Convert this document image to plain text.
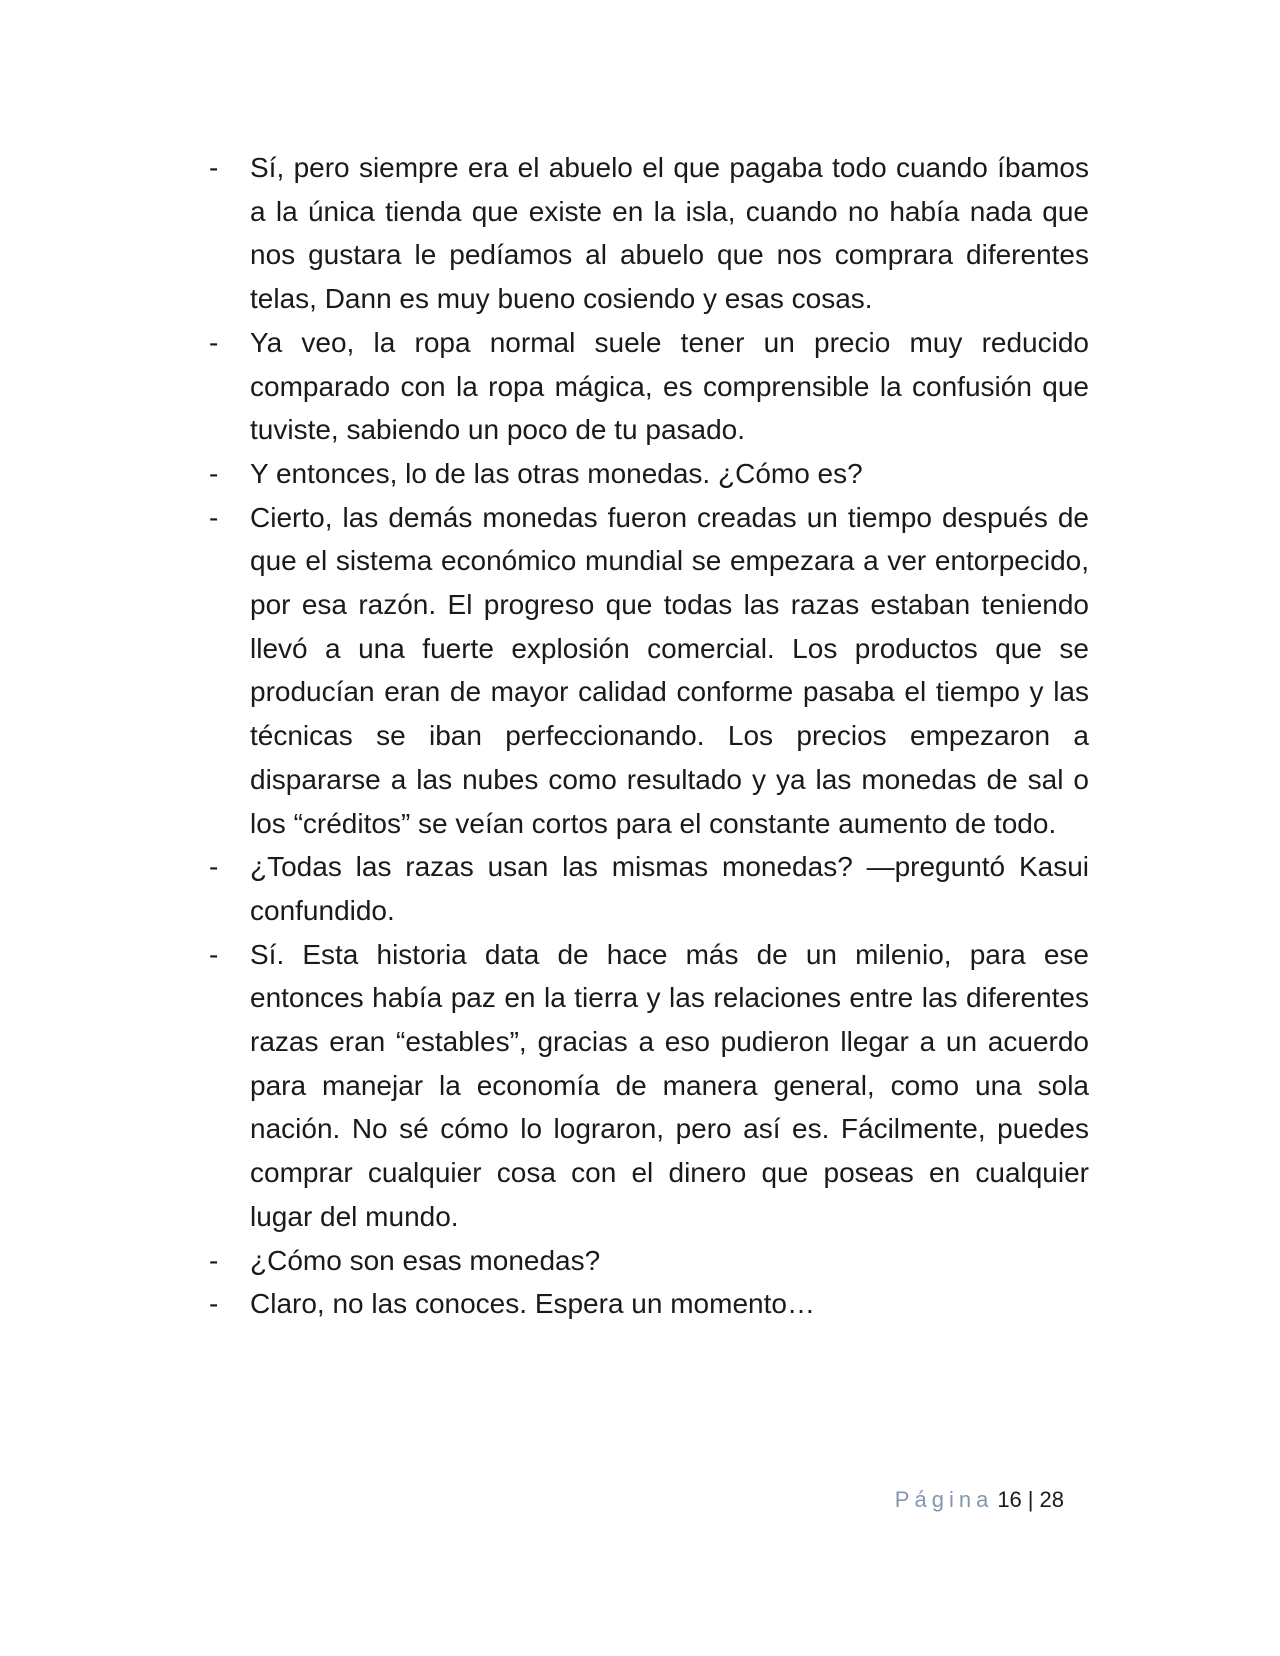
- Sí, pero siempre era el abuelo el que pagaba todo cuando íbamos a la única tienda que existe en la isla, cuando no había nada que nos gustara le pedíamos al abuelo que nos comprara diferentes telas, Dann es muy bueno cosiendo y esas cosas.
- Ya veo, la ropa normal suele tener un precio muy reducido comparado con la ropa mágica, es comprensible la confusión que tuviste, sabiendo un poco de tu pasado.
- Y entonces, lo de las otras monedas. ¿Cómo es?
- Cierto, las demás monedas fueron creadas un tiempo después de que el sistema económico mundial se empezara a ver entorpecido, por esa razón. El progreso que todas las razas estaban teniendo llevó a una fuerte explosión comercial. Los productos que se producían eran de mayor calidad conforme pasaba el tiempo y las técnicas se iban perfeccionando. Los precios empezaron a dispararse a las nubes como resultado y ya las monedas de sal o los “créditos” se veían cortos para el constante aumento de todo.
- ¿Todas las razas usan las mismas monedas? —preguntó Kasui confundido.
- Sí. Esta historia data de hace más de un milenio, para ese entonces había paz en la tierra y las relaciones entre las diferentes razas eran “estables”, gracias a eso pudieron llegar a un acuerdo para manejar la economía de manera general, como una sola nación. No sé cómo lo lograron, pero así es. Fácilmente, puedes comprar cualquier cosa con el dinero que poseas en cualquier lugar del mundo.
- ¿Cómo son esas monedas?
- Claro, no las conoces. Espera un momento…
Página 16 | 28
